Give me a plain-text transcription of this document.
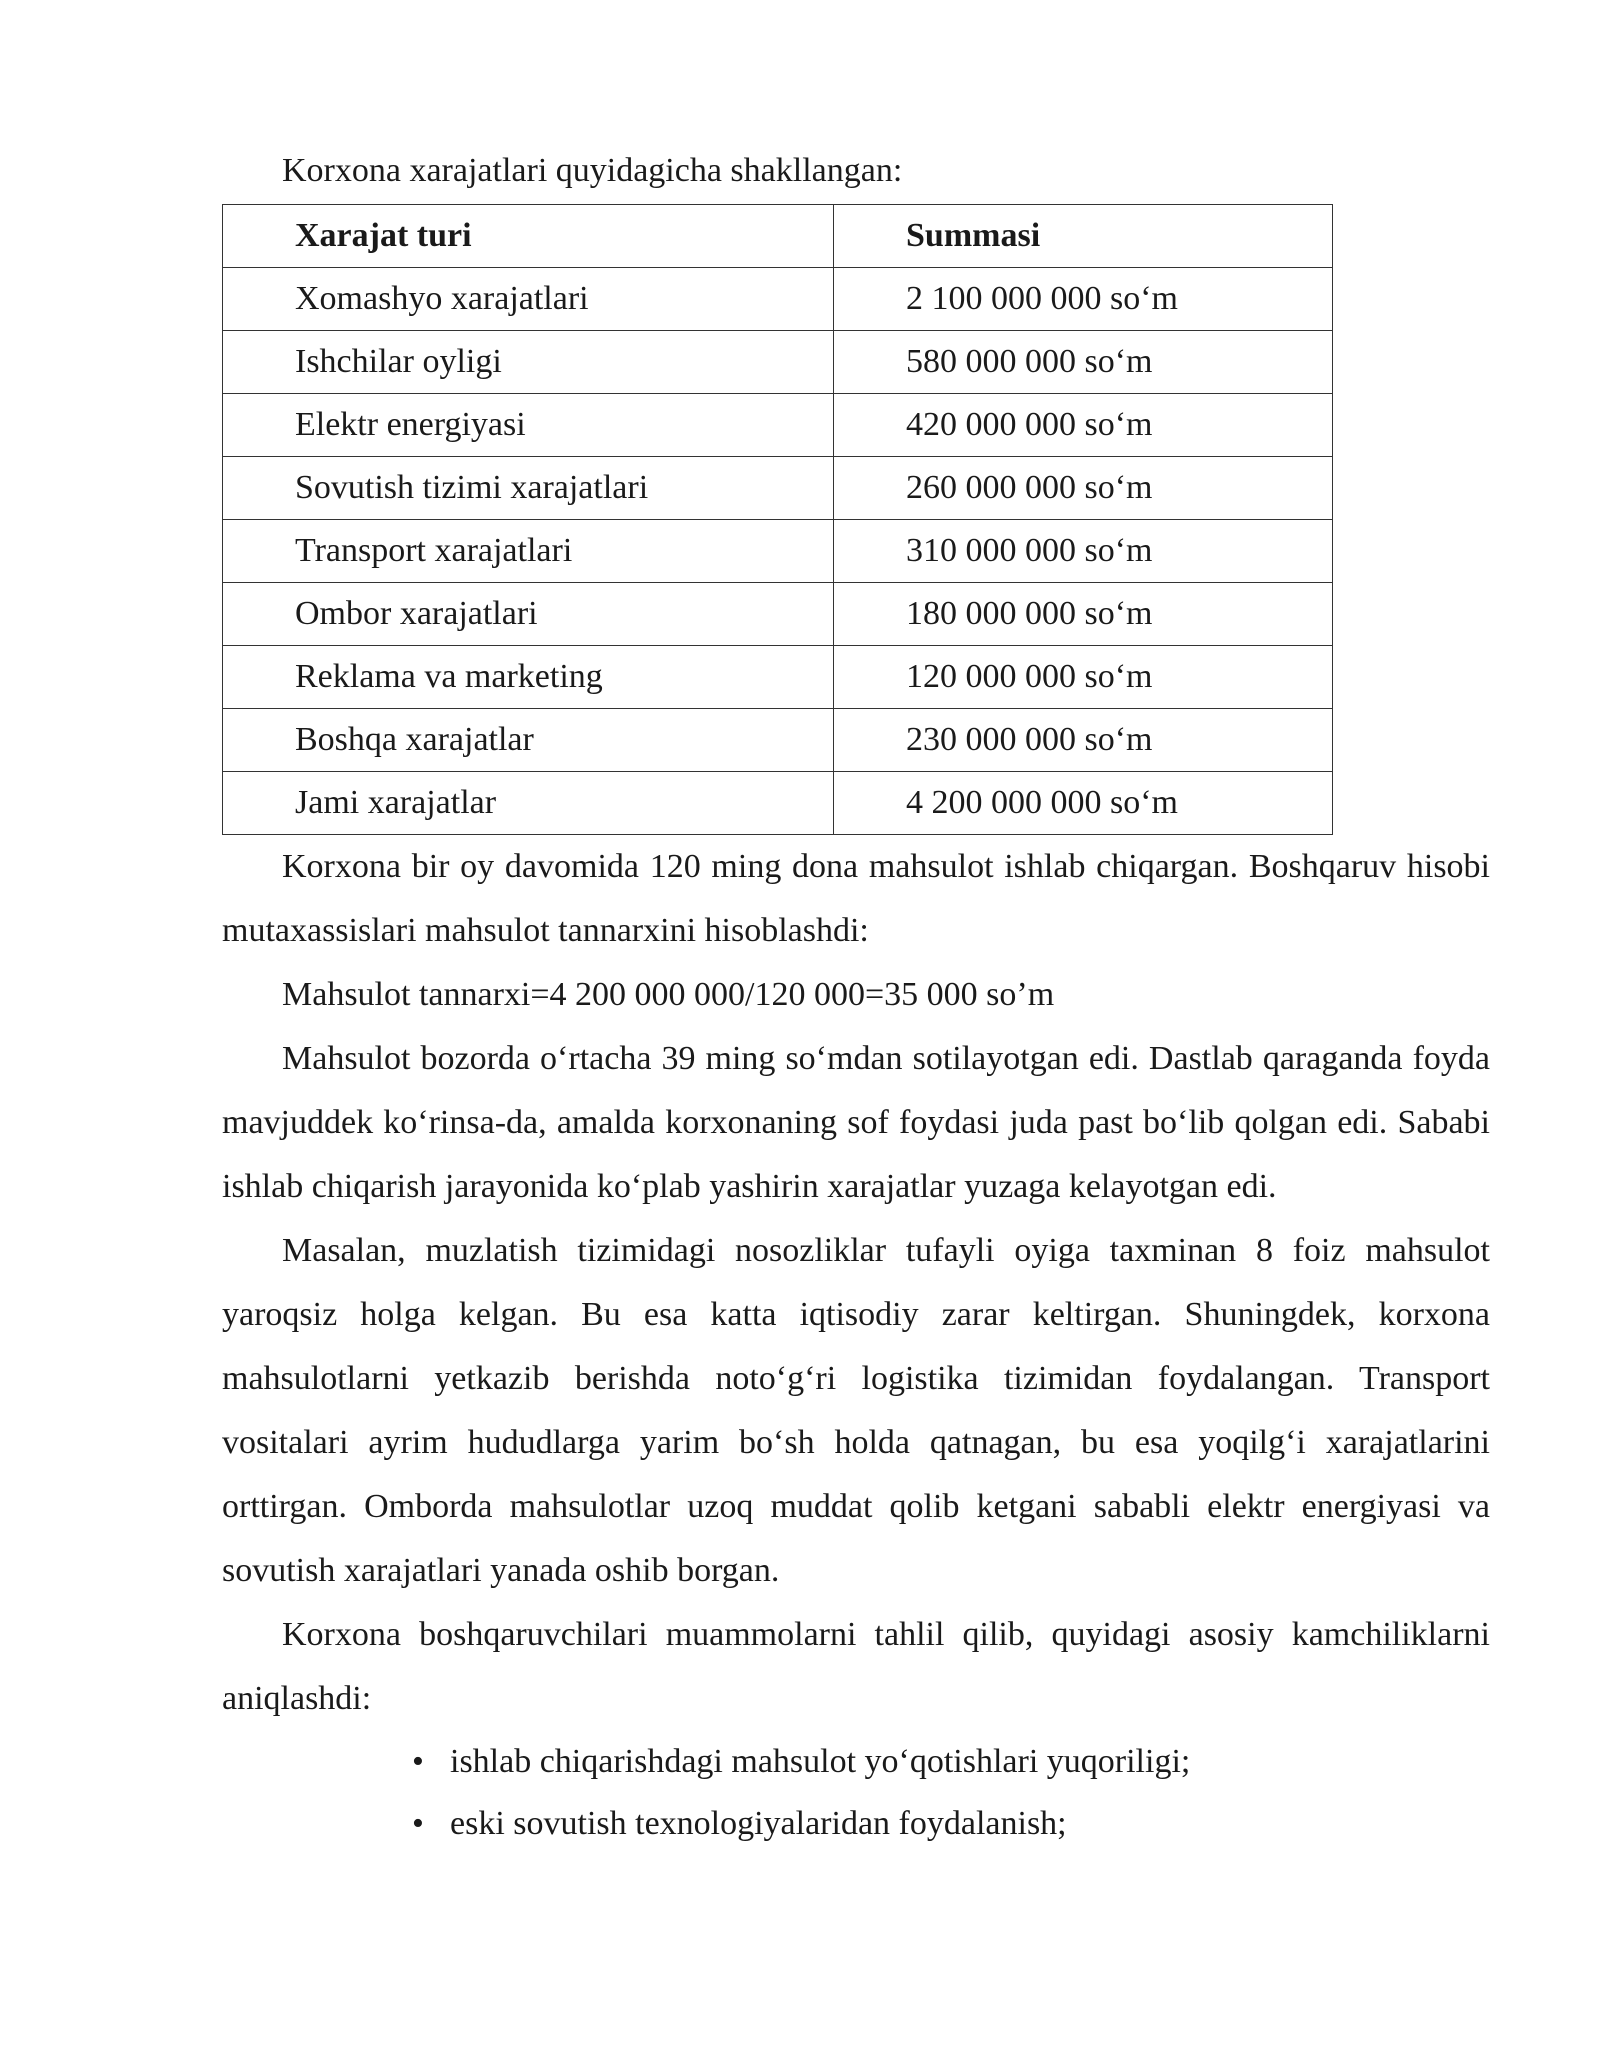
Korxona xarajatlari quyidagicha shakllangan:

Xarajat turi	Summasi
Xomashyo xarajatlari	2 100 000 000 so‘m
Ishchilar oyligi	580 000 000 so‘m
Elektr energiyasi	420 000 000 so‘m
Sovutish tizimi xarajatlari	260 000 000 so‘m
Transport xarajatlari	310 000 000 so‘m
Ombor xarajatlari	180 000 000 so‘m
Reklama va marketing	120 000 000 so‘m
Boshqa xarajatlar	230 000 000 so‘m
Jami xarajatlar	4 200 000 000 so‘m

Korxona bir oy davomida 120 ming dona mahsulot ishlab chiqargan. Boshqaruv hisobi mutaxassislari mahsulot tannarxini hisoblashdi:

Mahsulot tannarxi=4 200 000 000/120 000=35 000 so’m

Mahsulot bozorda o‘rtacha 39 ming so‘mdan sotilayotgan edi. Dastlab qaraganda foyda mavjuddek ko‘rinsa-da, amalda korxonaning sof foydasi juda past bo‘lib qolgan edi. Sababi ishlab chiqarish jarayonida ko‘plab yashirin xarajatlar yuzaga kelayotgan edi.

Masalan, muzlatish tizimidagi nosozliklar tufayli oyiga taxminan 8 foiz mahsulot yaroqsiz holga kelgan. Bu esa katta iqtisodiy zarar keltirgan. Shuningdek, korxona mahsulotlarni yetkazib berishda noto‘g‘ri logistika tizimidan foydalangan. Transport vositalari ayrim hududlarga yarim bo‘sh holda qatnagan, bu esa yoqilg‘i xarajatlarini orttirgan. Omborda mahsulotlar uzoq muddat qolib ketgani sababli elektr energiyasi va sovutish xarajatlari yanada oshib borgan.

Korxona boshqaruvchilari muammolarni tahlil qilib, quyidagi asosiy kamchiliklarni aniqlashdi:

• ishlab chiqarishdagi mahsulot yo‘qotishlari yuqoriligi;
• eski sovutish texnologiyalaridan foydalanish;
